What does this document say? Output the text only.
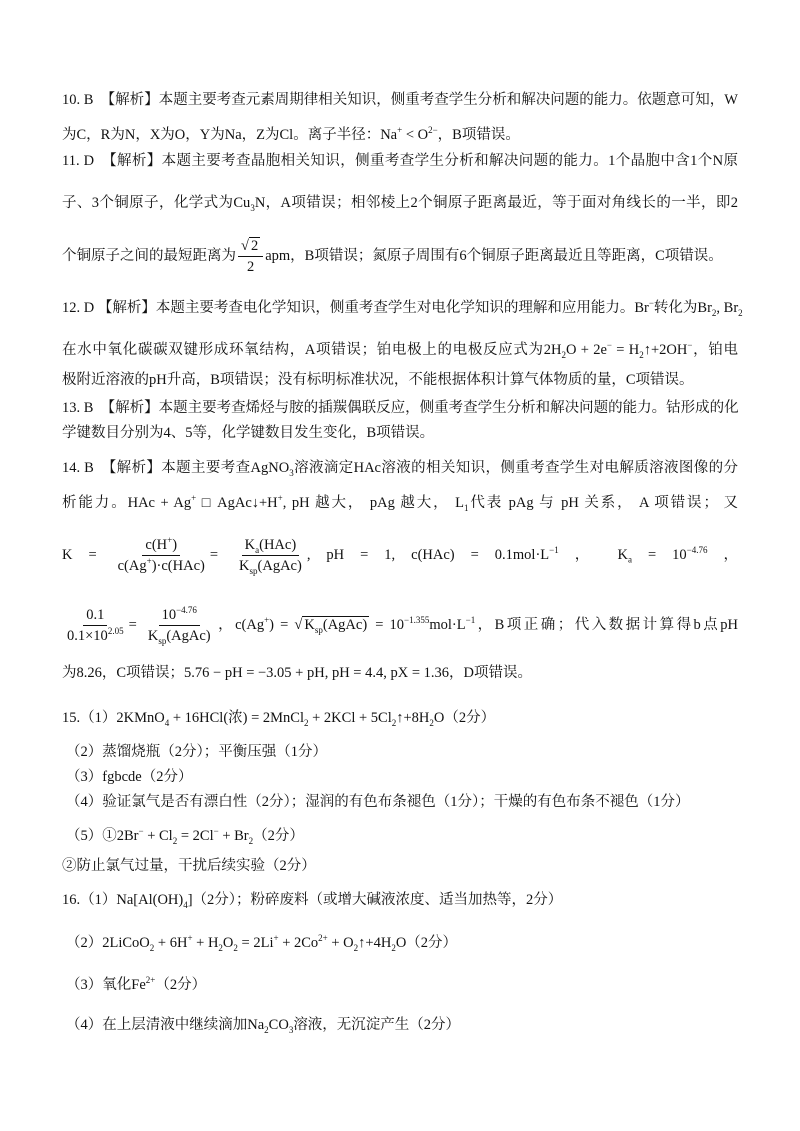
10. B　【解析】本题主要考查元素周期律相关知识，侧重考查学生分析和解决问题的能力。依题意可知，W
为C，R为N，X为O，Y为Na，Z为Cl。离子半径：$Na^+ < O^{2-}$，B项错误。
11. D　【解析】本题主要考查晶胞相关知识，侧重考查学生分析和解决问题的能力。1个晶胞中含1个N原
子、3个铜原子，化学式为$Cu_3N$，A项错误；相邻棱上2个铜原子距离最近，等于面对角线长的一半，即2
个铜原子之间的最短距离为 $\frac{√ 2}{2}$ apm，B项错误；氮原子周围有6个铜原子距离最近且等距离，C项错误。
12. D 【解析】本题主要考查电化学知识，侧重考查学生对电化学知识的理解和应用能力。Br−转化为$Br_2$, $Br_2$
在水中氧化碳碳双键形成环氧结构，A项错误；铂电极上的电极反应式为$2H_2O + 2e^-$ = $H_2↑+2OH^-$，铂电
极附近溶液的pH升高，B项错误；没有标明标准状况，不能根据体积计算气体物质的量，C项错误。
13. B　【解析】本题主要考查烯烃与胺的插羰偶联反应，侧重考查学生分析和解决问题的能力。钴形成的化
学键数目分别为4、5等，化学键数目发生变化，B项错误。
14. B　【解析】本题主要考查AgNO$_3$溶液滴定HAc溶液的相关知识，侧重考查学生对电解质溶液图像的分
析能力。HAc + Ag+ □ AgAc↓+H+, pH 越大， pAg 越大， $L_1$代表 pAg 与 pH 关系， A 项错误； 又
$K = \frac{c(H^+)}{c(Ag^+)\cdot c(HAc)} = \frac{K_a(HAc)}{K_{sp}(AgAc)}$ , pH = 1, $c(HAc) = 0.1mol\cdot L^{-1}$ ， $K_a = 10^{-4.76}$ ，
$\frac{0.1}{0.1\times 10^{2.05}} = \frac{10^{-4.76}}{K_{sp}(AgAc)}$ ，c(Ag+) = √ $K_{sp}(AgAc) = 10^{-1.355}mol\cdot L^{-1}$，B项正确；代入数据计算得b点pH
为8.26，C项错误；5.76 − pH = −3.05 + pH, pH = 4.4, pX = 1.36，D项错误。
15.（1）2KMnO$_4$ + 16HCl(浓) = 2MnCl$_2$ + $2KCl + 5Cl_2↑+8H_2O(2$分）
（2）蒸馏烧瓶（2分）；平衡压强（1分）
（3）fgbcde（2分）
（4）验证氯气是否有漂白性（2分）；湿润的有色布条褪色（1分）；干燥的有色布条不褪色（1分）
（5）①2Br− + $Cl_2 = 2Cl^- + Br_2(2$分）
②防止氯气过量，干扰后续实验（2分）
$16.(1)Na[Al(OH)_4](2$分）；粉碎废料（或增大碱液浓度、适当加热等，2分）
（2）2LiCoO$_2$ + $6H^+ + H_2O_2 = 2Li^+ + 2Co^{2+}$ + $O_2↑+4H_2O(2$分）
（3）氧化$Fe^{2+}(2$分）
（4）在上层清液中继续滴加$Na_2CO_3$溶液，无沉淀产生（2分）
